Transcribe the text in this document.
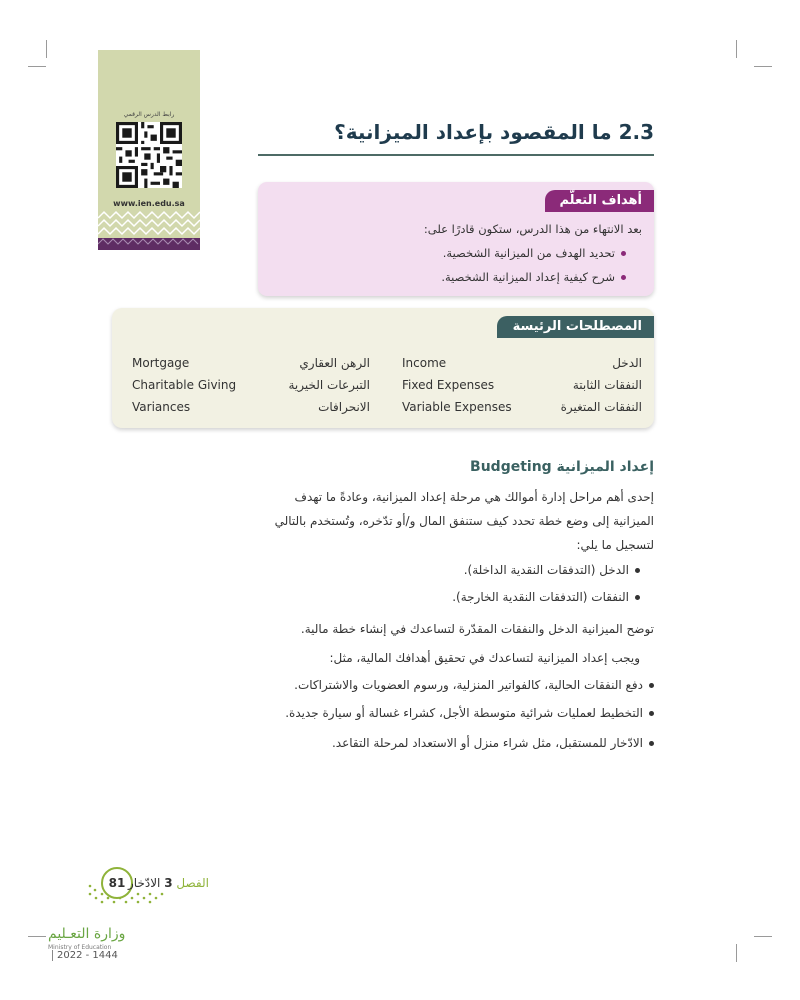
رابط الدرس الرقمي
www.ien.edu.sa
2.3 ما المقصود بإعداد الميزانية؟
أهداف التعلّم
بعد الانتهاء من هذا الدرس، ستكون قادرًا على:
تحديد الهدف من الميزانية الشخصية.
شرح كيفية إعداد الميزانية الشخصية.
المصطلحات الرئيسة
الدخل
Income
النفقات الثابتة
Fixed Expenses
النفقات المتغيرة
Variable Expenses
الرهن العقاري
Mortgage
التبرعات الخيرية
Charitable Giving
الانحرافات
Variances
إعداد الميزانية Budgeting
إحدى أهم مراحل إدارة أموالك هي مرحلة إعداد الميزانية، وعادةً ما تهدف
الميزانية إلى وضع خطة تحدد كيف ستنفق المال و/أو تدّخره، وتُستخدم بالتالي
لتسجيل ما يلي:
الدخل (التدفقات النقدية الداخلة).
النفقات (التدفقات النقدية الخارجة).
توضح الميزانية الدخل والنفقات المقدّرة لتساعدك في إنشاء خطة مالية.
ويجب إعداد الميزانية لتساعدك في تحقيق أهدافك المالية، مثل:
دفع النفقات الحالية، كالفواتير المنزلية، ورسوم العضويات والاشتراكات.
التخطيط لعمليات شرائية متوسطة الأجل، كشراء غسالة أو سيارة جديدة.
الادّخار للمستقبل، مثل شراء منزل أو الاستعداد لمرحلة التقاعد.
81	الفصل 3 الادّخار
وزارة التعـليم
Ministry of Education
2022 - 1444
